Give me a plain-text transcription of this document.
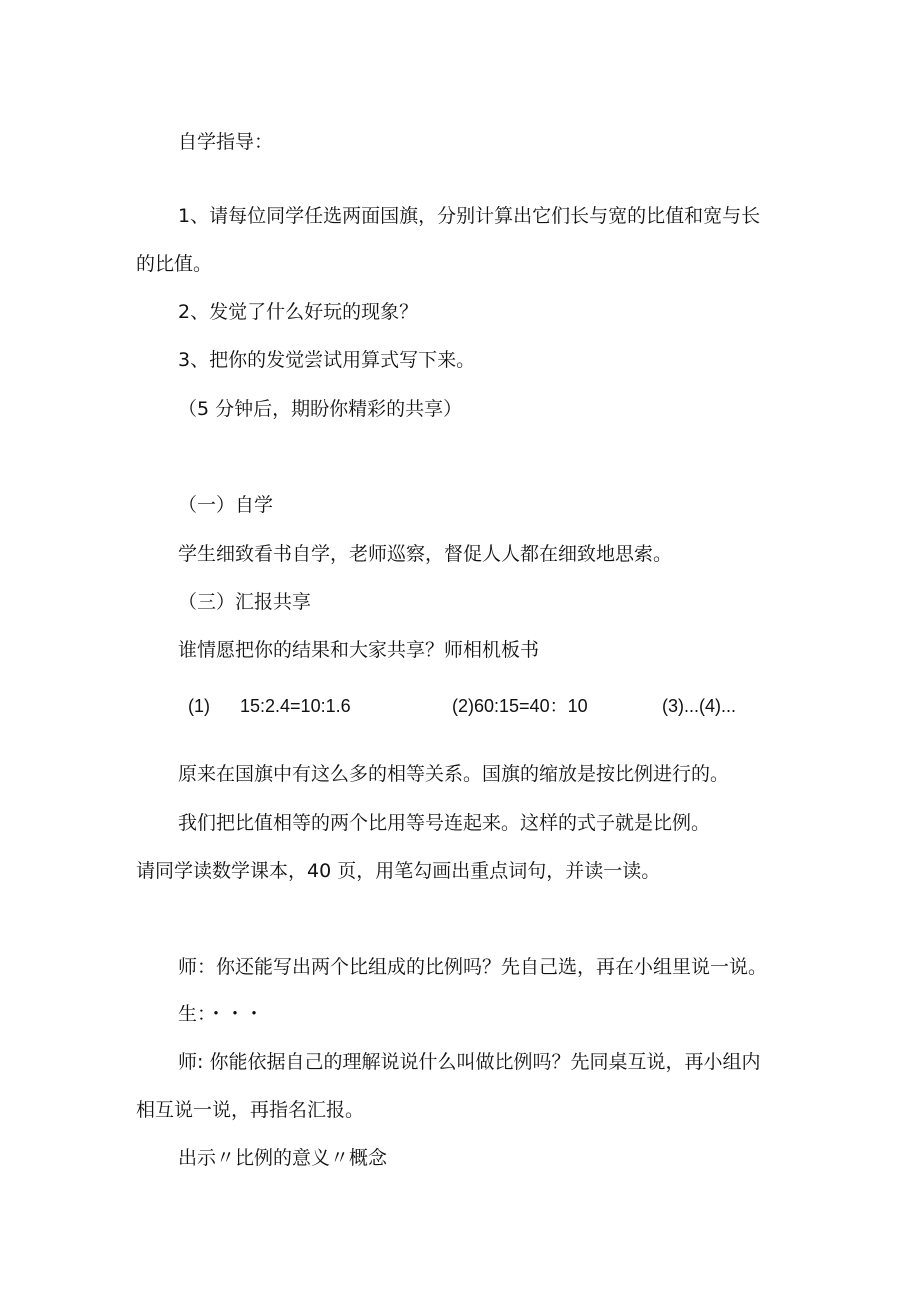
自学指导：
1、请每位同学任选两面国旗，分别计算出它们长与宽的比值和宽与长
的比值。
2、发觉了什么好玩的现象？
3、把你的发觉尝试用算式写下来。
（5 分钟后，期盼你精彩的共享）
（一）自学
学生细致看书自学，老师巡察，督促人人都在细致地思索。
（三）汇报共享
谁情愿把你的结果和大家共享？师相机板书
(1) 15:2.4=10:1.6	(2)60:15=40：10	(3)...(4)...
原来在国旗中有这么多的相等关系。国旗的缩放是按比例进行的。
我们把比值相等的两个比用等号连起来。这样的式子就是比例。
请同学读数学课本，40 页，用笔勾画出重点词句，并读一读。
师：你还能写出两个比组成的比例吗？先自己选，再在小组里说一说。
生：・・・
师: 你能依据自己的理解说说什么叫做比例吗？先同桌互说，再小组内
相互说一说，再指名汇报。
出示〃比例的意义〃概念
